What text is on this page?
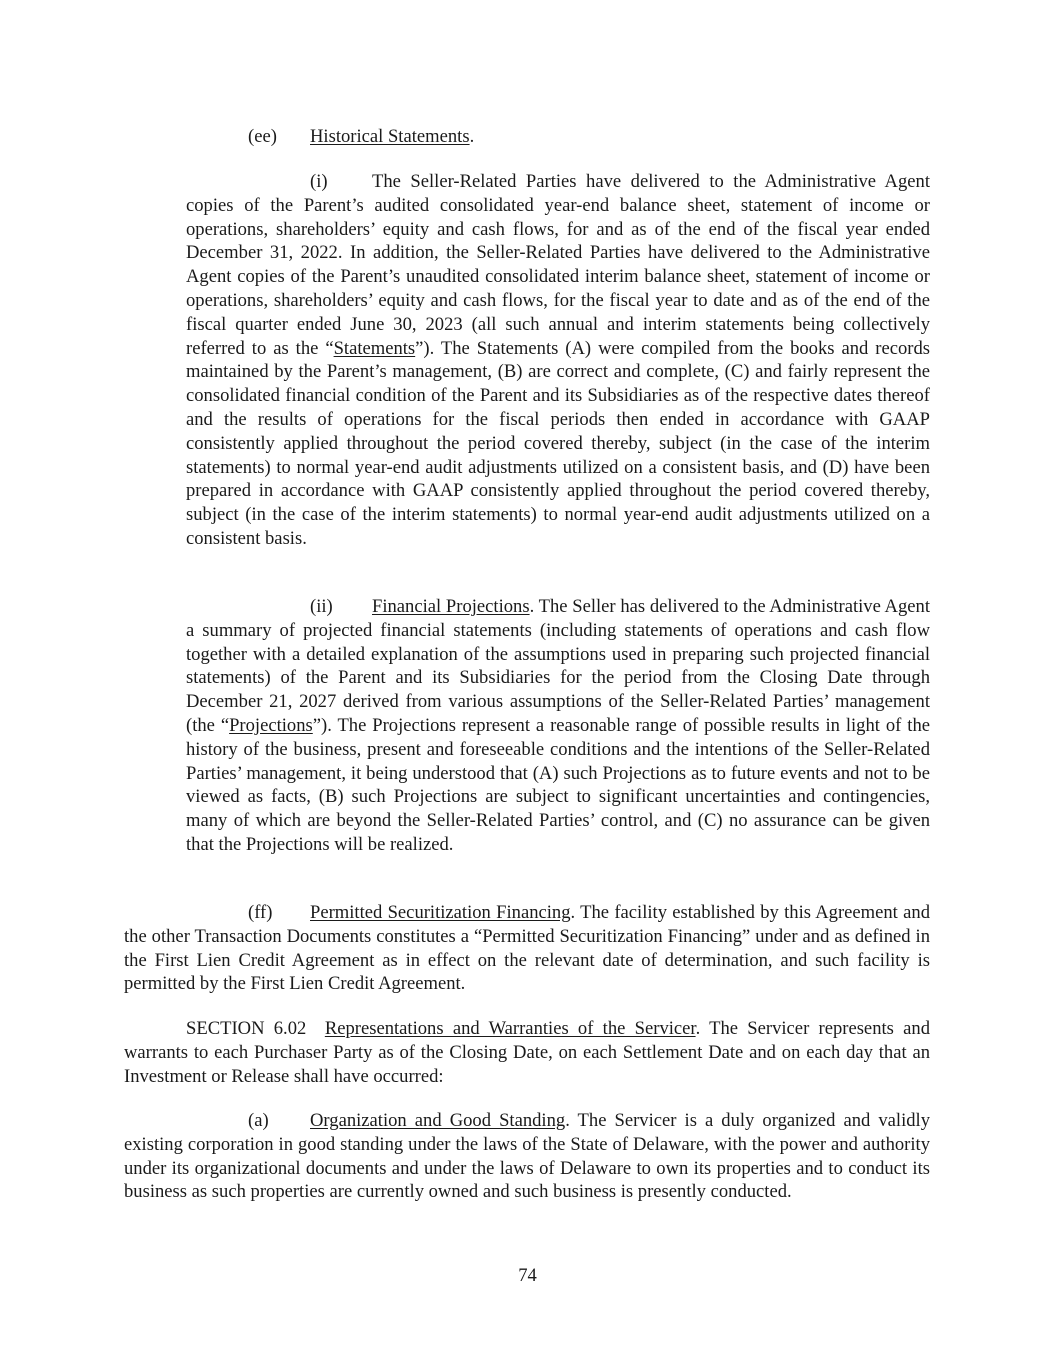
(ee) Historical Statements.

(i) The Seller-Related Parties have delivered to the Administrative Agent copies of the Parent’s audited consolidated year-end balance sheet, statement of income or operations, shareholders’ equity and cash flows, for and as of the end of the fiscal year ended December 31, 2022. In addition, the Seller-Related Parties have delivered to the Administrative Agent copies of the Parent’s unaudited consolidated interim balance sheet, statement of income or operations, shareholders’ equity and cash flows, for the fiscal year to date and as of the end of the fiscal quarter ended June 30, 2023 (all such annual and interim statements being collectively referred to as the “Statements”). The Statements (A) were compiled from the books and records maintained by the Parent’s management, (B) are correct and complete, (C) and fairly represent the consolidated financial condition of the Parent and its Subsidiaries as of the respective dates thereof and the results of operations for the fiscal periods then ended in accordance with GAAP consistently applied throughout the period covered thereby, subject (in the case of the interim statements) to normal year-end audit adjustments utilized on a consistent basis, and (D) have been prepared in accordance with GAAP consistently applied throughout the period covered thereby, subject (in the case of the interim statements) to normal year-end audit adjustments utilized on a consistent basis.

(ii) Financial Projections. The Seller has delivered to the Administrative Agent a summary of projected financial statements (including statements of operations and cash flow together with a detailed explanation of the assumptions used in preparing such projected financial statements) of the Parent and its Subsidiaries for the period from the Closing Date through December 21, 2027 derived from various assumptions of the Seller-Related Parties’ management (the “Projections”). The Projections represent a reasonable range of possible results in light of the history of the business, present and foreseeable conditions and the intentions of the Seller-Related Parties’ management, it being understood that (A) such Projections as to future events and not to be viewed as facts, (B) such Projections are subject to significant uncertainties and contingencies, many of which are beyond the Seller-Related Parties’ control, and (C) no assurance can be given that the Projections will be realized.

(ff) Permitted Securitization Financing. The facility established by this Agreement and the other Transaction Documents constitutes a “Permitted Securitization Financing” under and as defined in the First Lien Credit Agreement as in effect on the relevant date of determination, and such facility is permitted by the First Lien Credit Agreement.

SECTION 6.02 Representations and Warranties of the Servicer. The Servicer represents and warrants to each Purchaser Party as of the Closing Date, on each Settlement Date and on each day that an Investment or Release shall have occurred:

(a) Organization and Good Standing. The Servicer is a duly organized and validly existing corporation in good standing under the laws of the State of Delaware, with the power and authority under its organizational documents and under the laws of Delaware to own its properties and to conduct its business as such properties are currently owned and such business is presently conducted.

74
